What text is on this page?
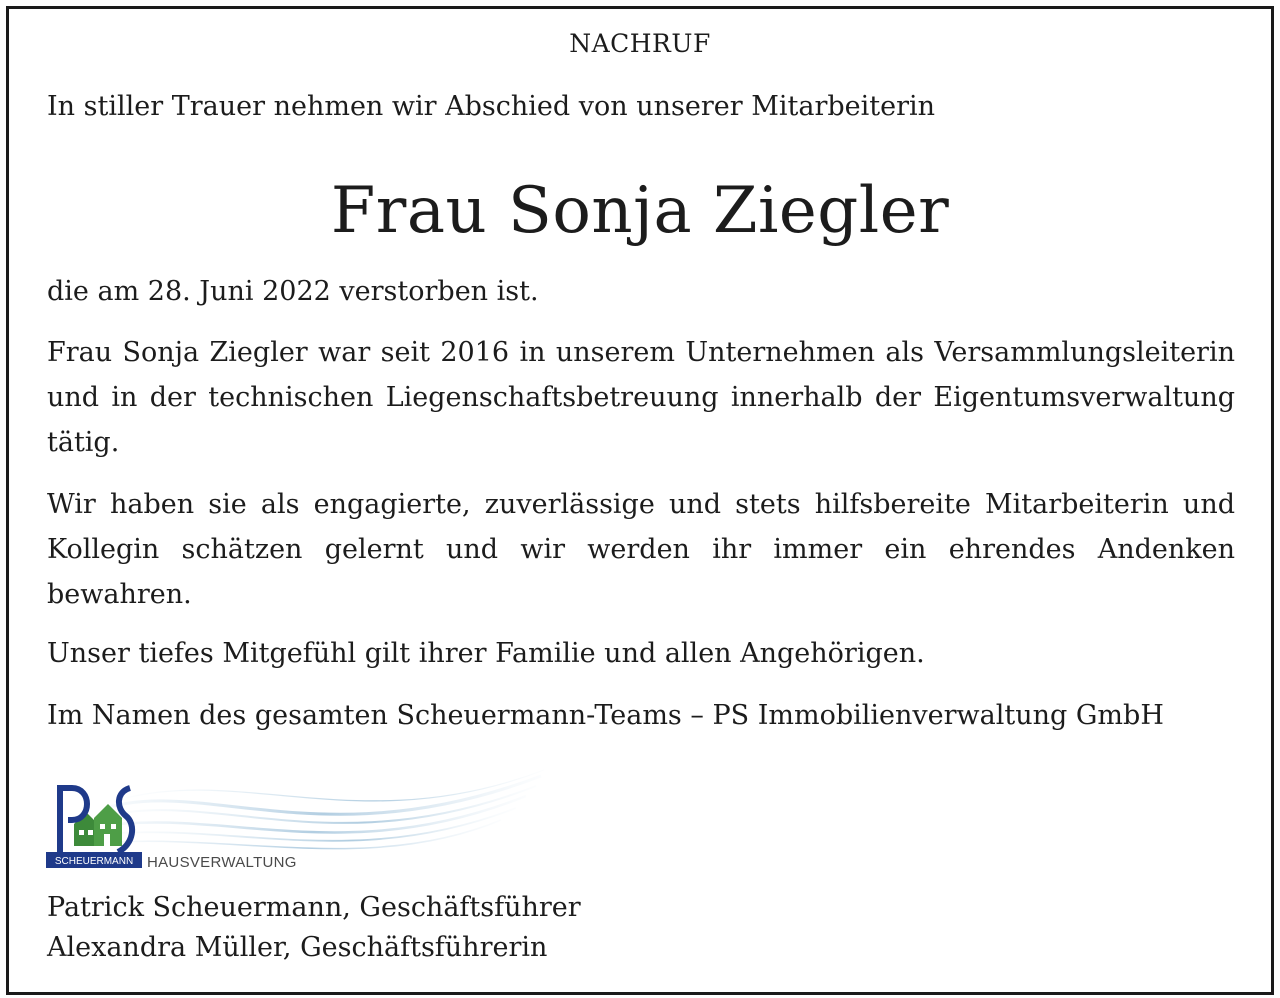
NACHRUF
In stiller Trauer nehmen wir Abschied von unserer Mitarbeiterin
Frau Sonja Ziegler
die am 28. Juni 2022 verstorben ist.
Frau Sonja Ziegler war seit 2016 in unserem Unternehmen als Versammlungsleiterin und in der technischen Liegenschaftsbetreuung innerhalb der Eigentumsverwaltung tätig.
Wir haben sie als engagierte, zuverlässige und stets hilfsbereite Mitarbeiterin und Kollegin schätzen gelernt und wir werden ihr immer ein ehrendes Andenken bewahren.
Unser tiefes Mitgefühl gilt ihrer Familie und allen Angehörigen.
Im Namen des gesamten Scheuermann-Teams – PS Immobilienverwaltung GmbH
SCHEUERMANN HAUSVERWALTUNG
Patrick Scheuermann, Geschäftsführer
Alexandra Müller, Geschäftsführerin
